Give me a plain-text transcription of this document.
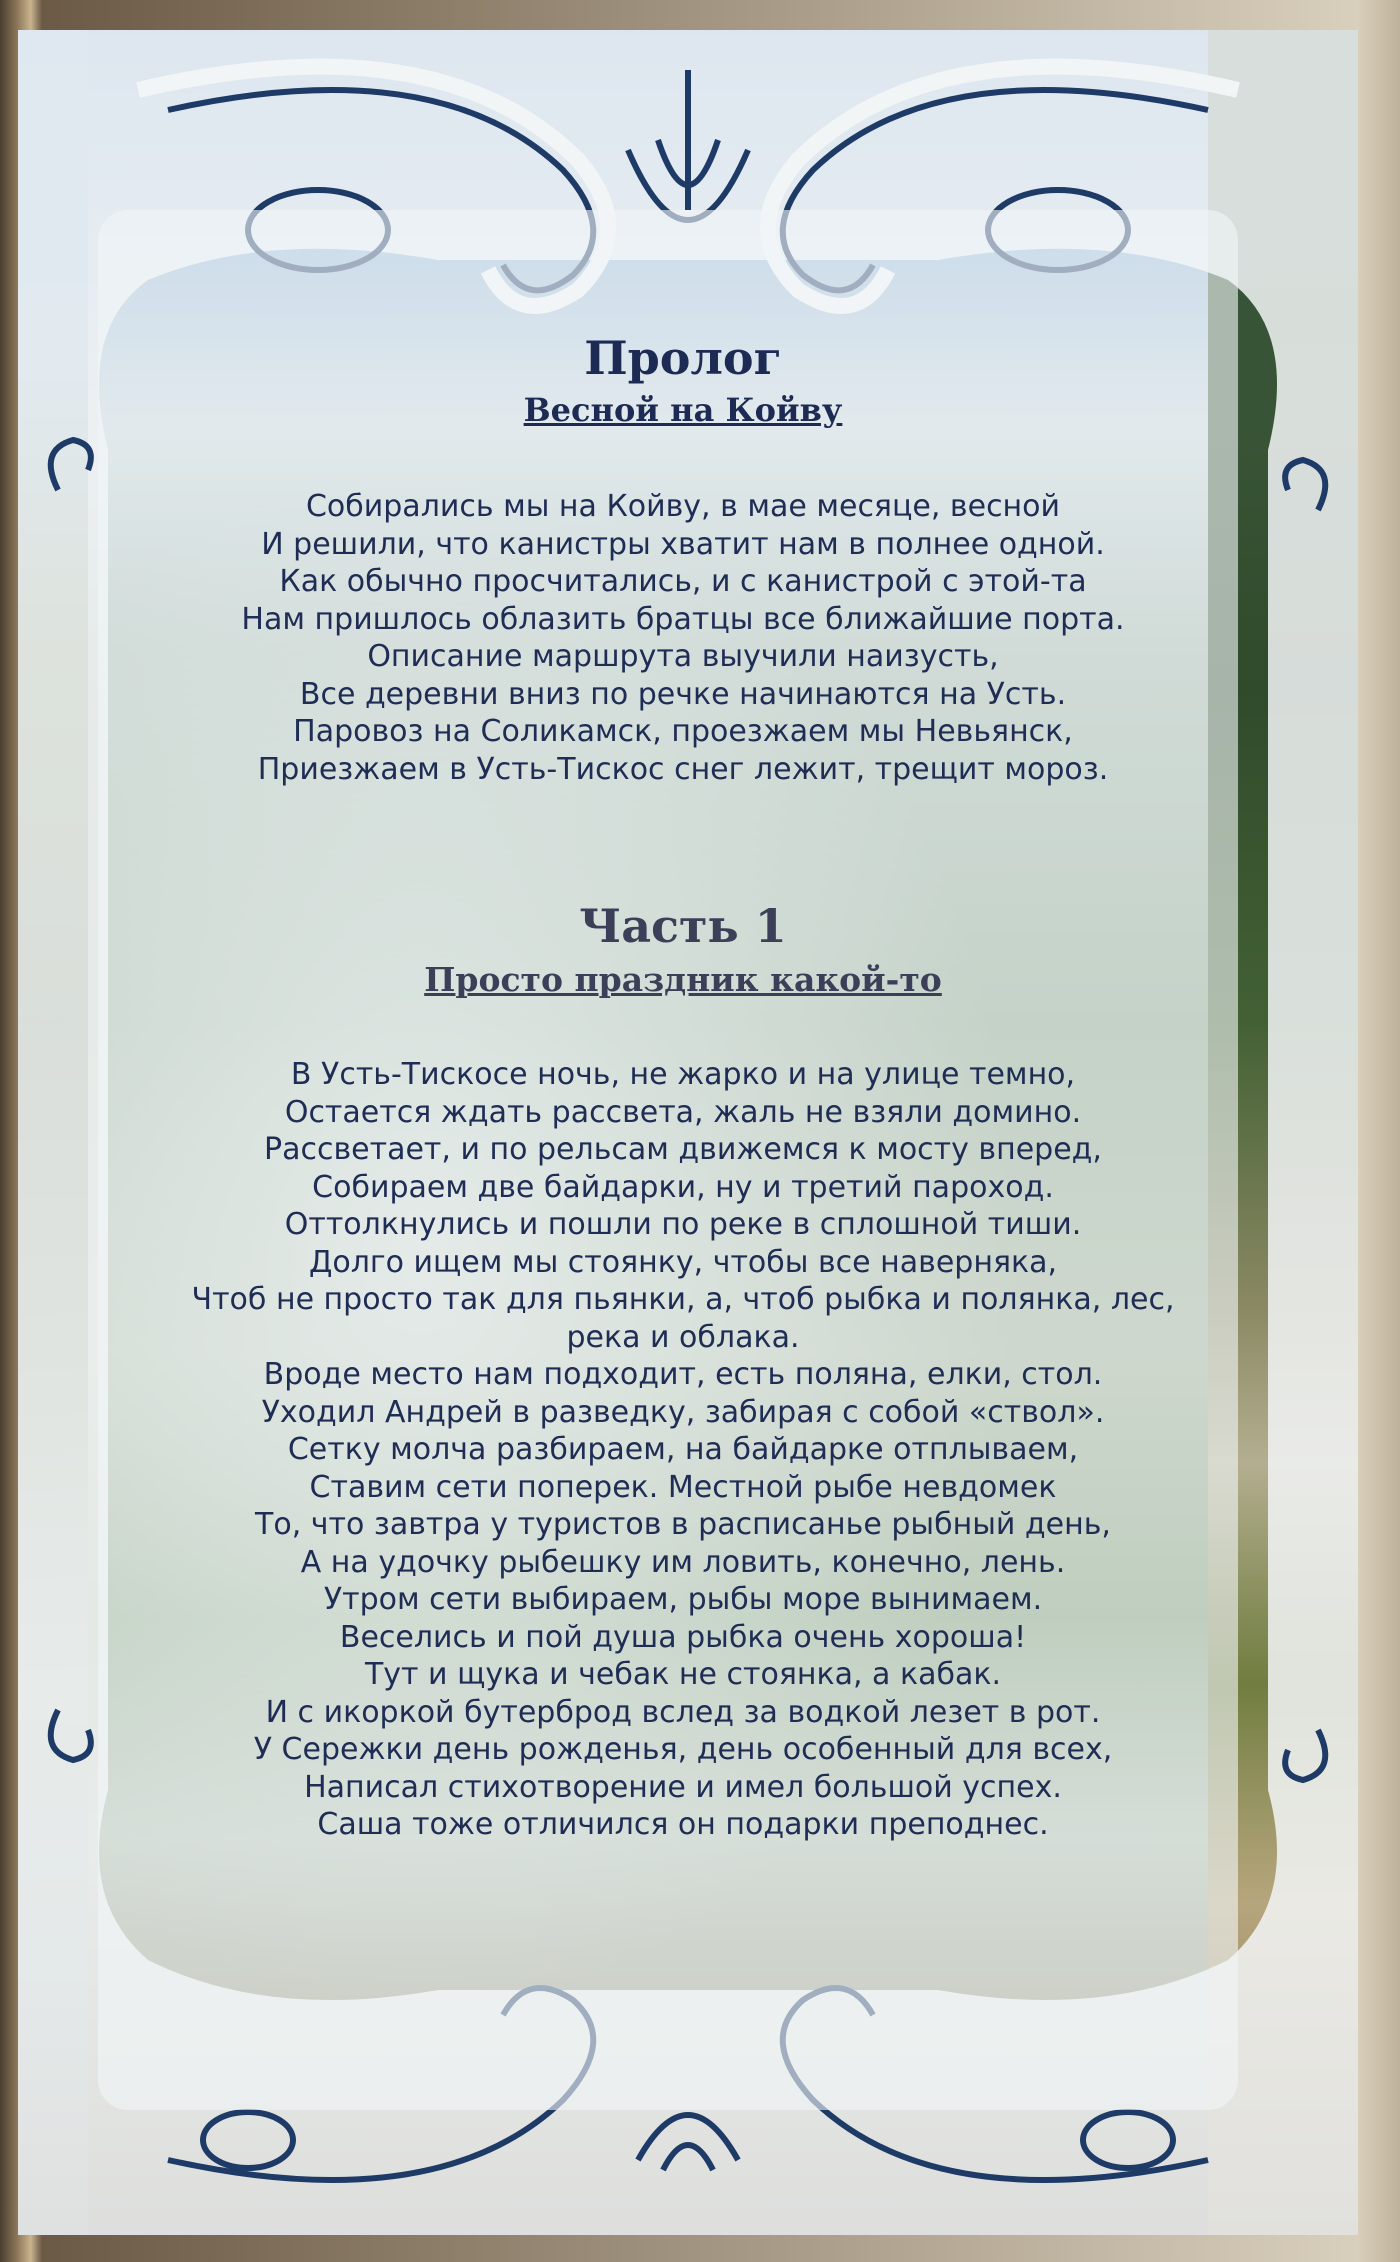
Пролог
Весной на Койву

Собирались мы на Койву, в мае месяце, весной
И решили, что канистры хватит нам в полнее одной.
Как обычно просчитались, и с канистрой с этой-та
Нам пришлось облазить братцы все ближайшие порта.
Описание маршрута выучили наизусть,
Все деревни вниз по речке начинаются на Усть.
Паровоз на Соликамск, проезжаем мы Невьянск,
Приезжаем в Усть-Тискос снег лежит, трещит мороз.

Часть 1
Просто праздник какой-то

В Усть-Тискосе ночь, не жарко и на улице темно,
Остается ждать рассвета, жаль не взяли домино.
Рассветает, и по рельсам движемся к мосту вперед,
Собираем две байдарки, ну и третий пароход.
Оттолкнулись и пошли по реке в сплошной тиши.
Долго ищем мы стоянку, чтобы все наверняка,
Чтоб не просто так для пьянки, а, чтоб рыбка и полянка, лес,
река и облака.
Вроде место нам подходит, есть поляна, елки, стол.
Уходил Андрей в разведку, забирая с собой «ствол».
Сетку молча разбираем, на байдарке отплываем,
Ставим сети поперек. Местной рыбе невдомек
То, что завтра у туристов в расписанье рыбный день,
А на удочку рыбешку им ловить, конечно, лень.
Утром сети выбираем, рыбы море вынимаем.
Веселись и пой душа рыбка очень хороша!
Тут и щука и чебак не стоянка, а кабак.
И с икоркой бутерброд вслед за водкой лезет в рот.
У Сережки день рожденья, день особенный для всех,
Написал стихотворение и имел большой успех.
Саша тоже отличился он подарки преподнес.
